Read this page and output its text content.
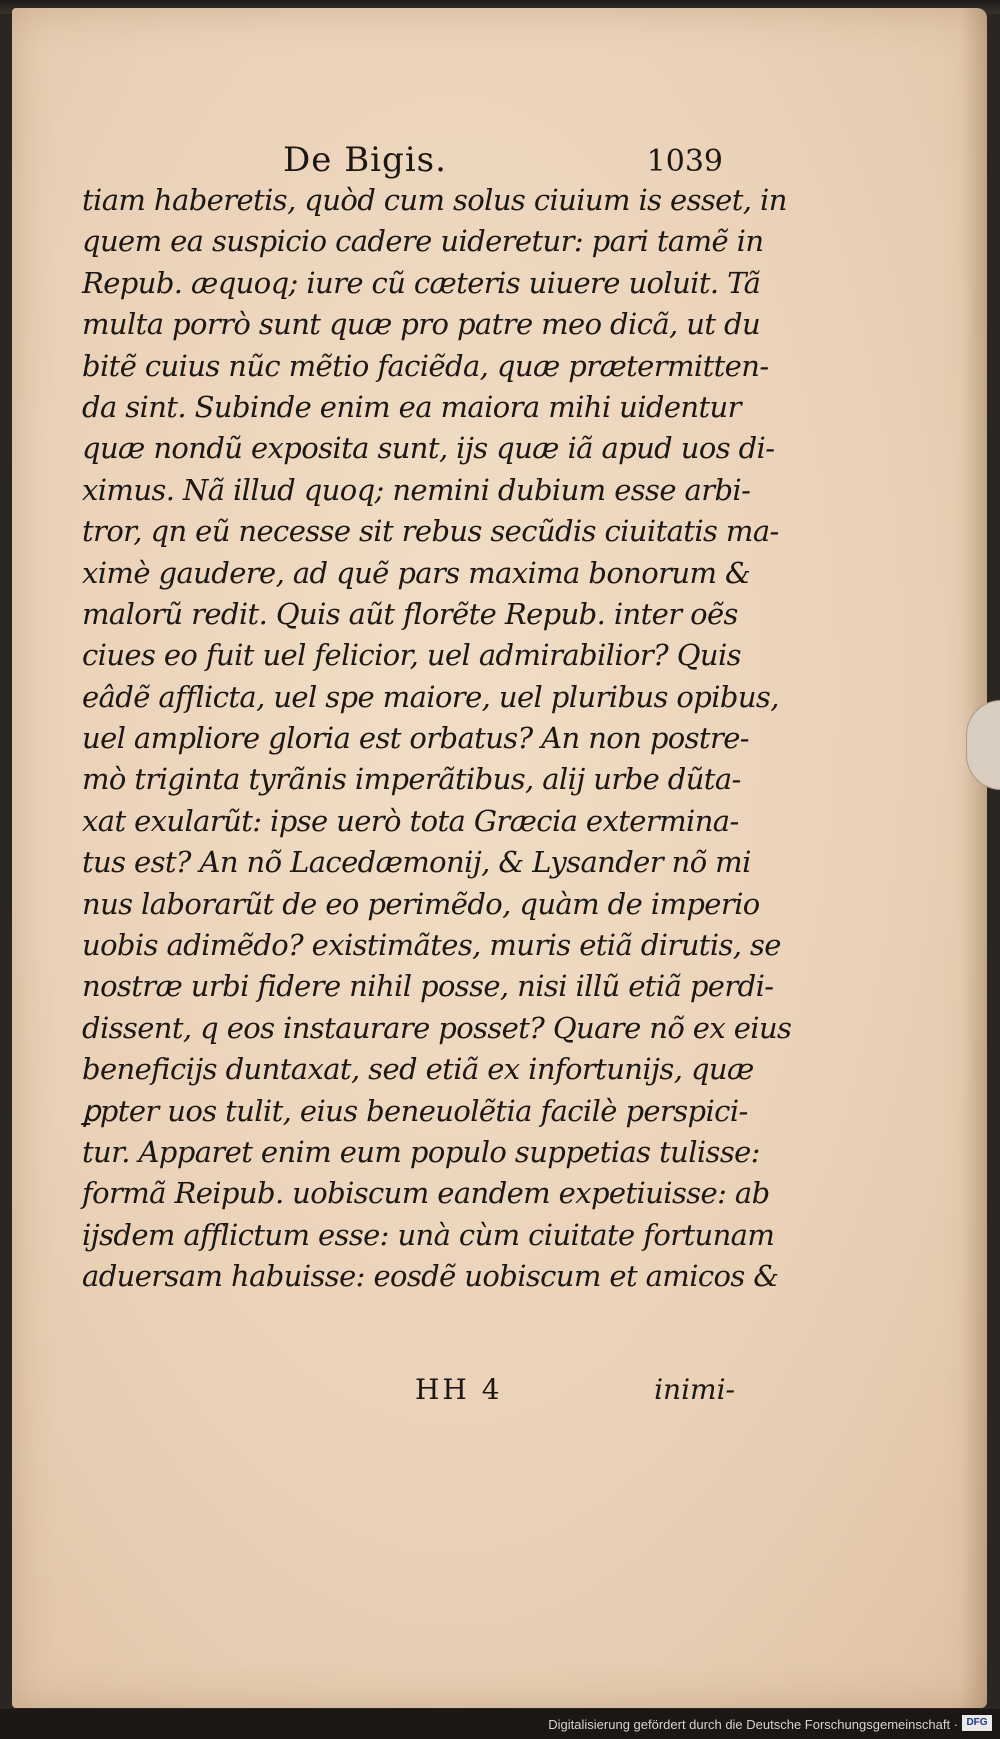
De Bigis.	1039
tiam haberetis, quòd cum solus ciuium is esset, in
quem ea suspicio cadere uideretur: pari tamẽ in
Repub. æquoq; iure cũ cæteris uiuere uoluit. Tã
multa porrò sunt quæ pro patre meo dicã, ut du
bitẽ cuius nũc mẽtio faciẽda, quæ prætermitten-
da sint. Subinde enim ea maiora mihi uidentur
quæ nondũ exposita sunt, ijs quæ iã apud uos di-
ximus. Nã illud quoq; nemini dubium esse arbi-
tror, qn eũ necesse sit rebus secũdis ciuitatis ma-
ximè gaudere, ad quẽ pars maxima bonorum &
malorũ redit. Quis aũt florẽte Repub. inter oẽs
ciues eo fuit uel felicior, uel admirabilior? Quis
eâdẽ afflicta, uel spe maiore, uel pluribus opibus,
uel ampliore gloria est orbatus? An non postre-
mò triginta tyrãnis imperãtibus, alij urbe dũta-
xat exularũt: ipse uerò tota Græcia extermina-
tus est? An nõ Lacedæmonij, & Lysander nõ mi
nus laborarũt de eo perimẽdo, quàm de imperio
uobis adimẽdo? existimãtes, muris etiã dirutis, se
nostræ urbi fidere nihil posse, nisi illũ etiã perdi-
dissent, q eos instaurare posset? Quare nõ ex eius
beneficijs duntaxat, sed etiã ex infortunijs, quæ
ꝑpter uos tulit, eius beneuolẽtia facilè perspici-
tur. Apparet enim eum populo suppetias tulisse:
formã Reipub. uobiscum eandem expetiuisse: ab
ijsdem afflictum esse: unà cùm ciuitate fortunam
aduersam habuisse: eosdẽ uobiscum et amicos &
HH 4	inimi-
Digitalisierung gefördert durch die Deutsche Forschungsgemeinschaft · DFG
